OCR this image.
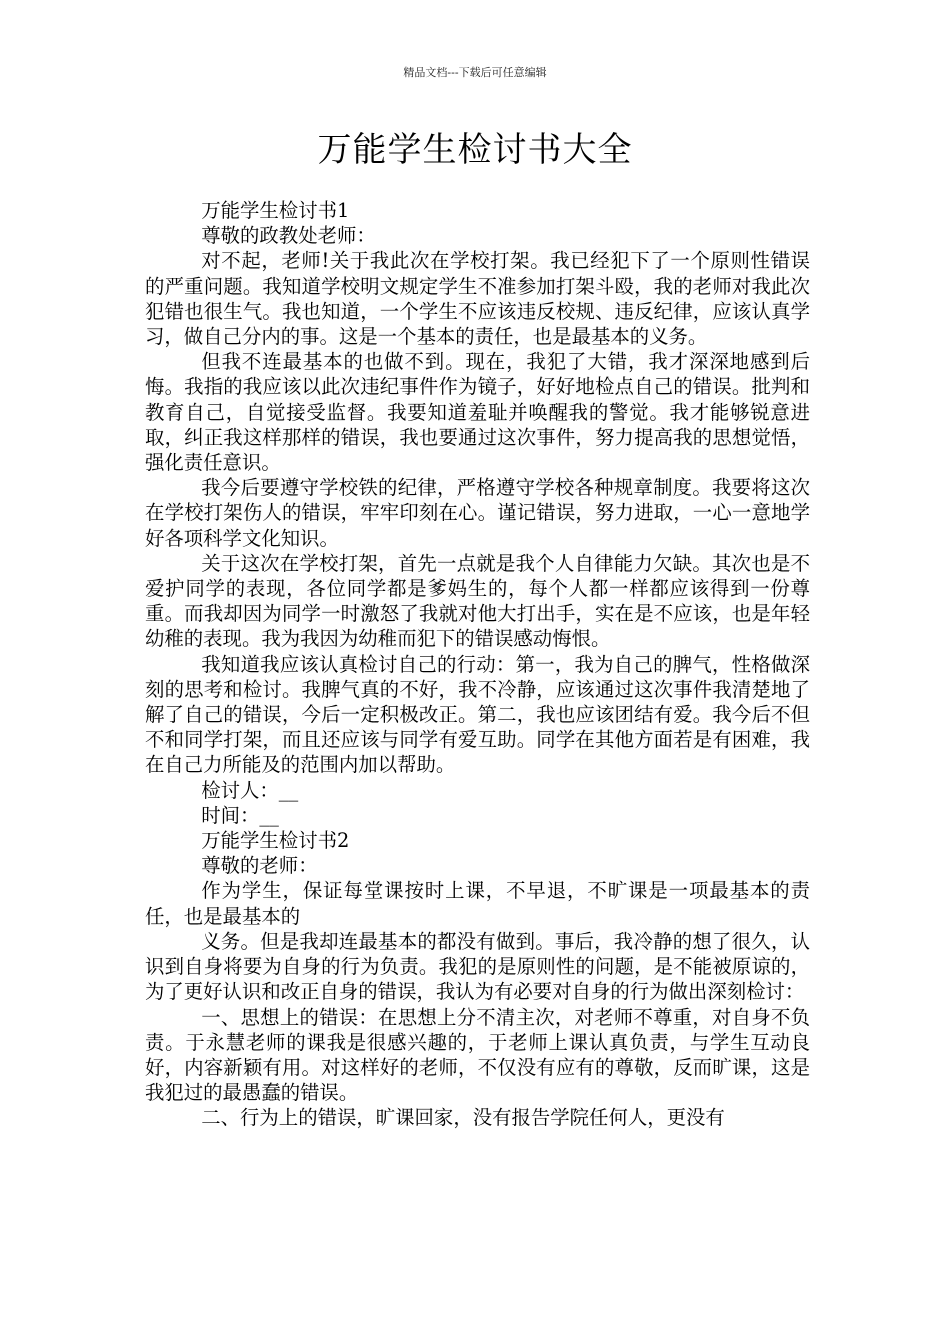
精品文档---下载后可任意编辑
万能学生检讨书大全

万能学生检讨书1

尊敬的政教处老师：

对不起，老师!关于我此次在学校打架。我已经犯下了一个原则性错误的严重问题。我知道学校明文规定学生不准参加打架斗殴，我的老师对我此次犯错也很生气。我也知道，一个学生不应该违反校规、违反纪律，应该认真学习，做自己分内的事。这是一个基本的责任，也是最基本的义务。

但我不连最基本的也做不到。现在，我犯了大错，我才深深地感到后悔。我指的我应该以此次违纪事件作为镜子，好好地检点自己的错误。批判和教育自己，自觉接受监督。我要知道羞耻并唤醒我的警觉。我才能够锐意进取，纠正我这样那样的错误，我也要通过这次事件，努力提高我的思想觉悟，强化责任意识。

我今后要遵守学校铁的纪律，严格遵守学校各种规章制度。我要将这次在学校打架伤人的错误，牢牢印刻在心。谨记错误，努力进取，一心一意地学好各项科学文化知识。

关于这次在学校打架，首先一点就是我个人自律能力欠缺。其次也是不爱护同学的表现，各位同学都是爹妈生的，每个人都一样都应该得到一份尊重。而我却因为同学一时激怒了我就对他大打出手，实在是不应该，也是年轻幼稚的表现。我为我因为幼稚而犯下的错误感动悔恨。

我知道我应该认真检讨自己的行动：第一，我为自己的脾气，性格做深刻的思考和检讨。我脾气真的不好，我不冷静，应该通过这次事件我清楚地了解了自己的错误，今后一定积极改正。第二，我也应该团结有爱。我今后不但不和同学打架，而且还应该与同学有爱互助。同学在其他方面若是有困难，我在自己力所能及的范围内加以帮助。

检讨人：__

时间：__

万能学生检讨书2

尊敬的老师：

作为学生，保证每堂课按时上课，不早退，不旷课是一项最基本的责任，也是最基本的

义务。但是我却连最基本的都没有做到。事后，我冷静的想了很久，认识到自身将要为自身的行为负责。我犯的是原则性的问题，是不能被原谅的，为了更好认识和改正自身的错误，我认为有必要对自身的行为做出深刻检讨：

一、思想上的错误：在思想上分不清主次，对老师不尊重，对自身不负责。于永慧老师的课我是很感兴趣的，于老师上课认真负责，与学生互动良好，内容新颖有用。对这样好的老师，不仅没有应有的尊敬，反而旷课，这是我犯过的最愚蠢的错误。

二、行为上的错误，旷课回家，没有报告学院任何人，更没有
